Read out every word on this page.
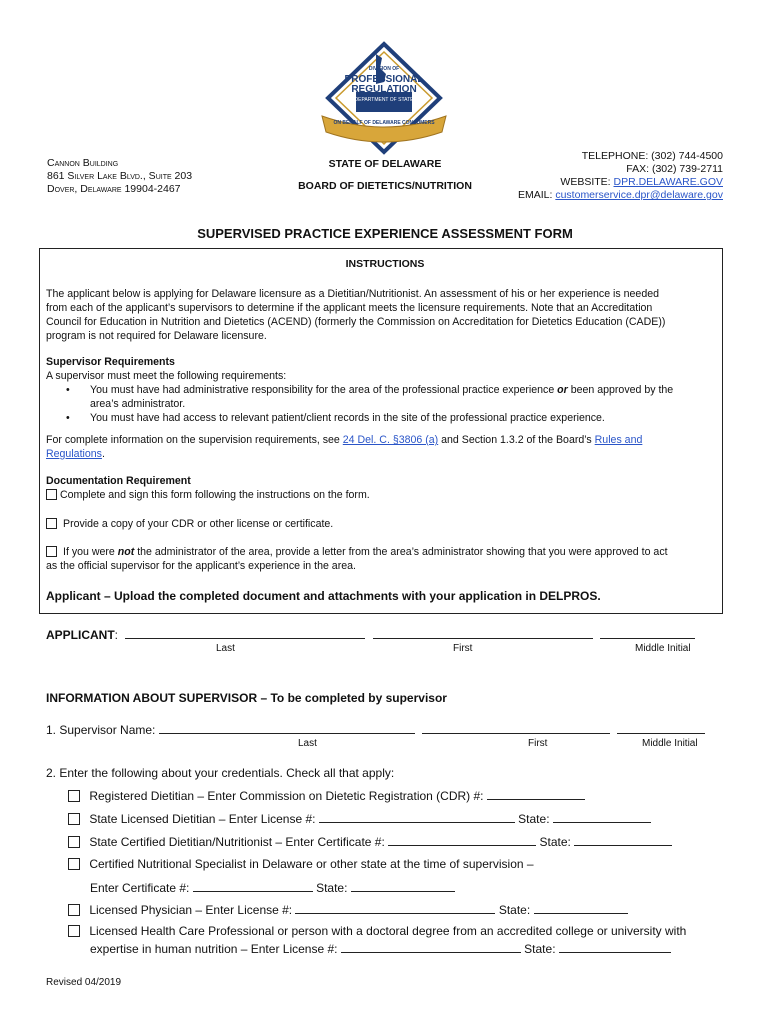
DIVISION OF
PROFESSIONAL
REGULATION
DEPARTMENT OF STATE
ON BEHALF OF DELAWARE CONSUMERS
Cannon Building
861 Silver Lake Blvd., Suite 203
Dover, Delaware 19904-2467
STATE OF DELAWARE
BOARD OF DIETETICS/NUTRITION
TELEPHONE: (302) 744-4500
FAX: (302) 739-2711
WEBSITE: DPR.DELAWARE.GOV
EMAIL: customerservice.dpr@delaware.gov
SUPERVISED PRACTICE EXPERIENCE ASSESSMENT FORM
INSTRUCTIONS
The applicant below is applying for Delaware licensure as a Dietitian/Nutritionist. An assessment of his or her experience is needed
from each of the applicant’s supervisors to determine if the applicant meets the licensure requirements. Note that an Accreditation
Council for Education in Nutrition and Dietetics (ACEND) (formerly the Commission on Accreditation for Dietetics Education (CADE))
program is not required for Delaware licensure.
Supervisor Requirements
A supervisor must meet the following requirements:
• You must have had administrative responsibility for the area of the professional practice experience or been approved by the
area’s administrator.
• You must have had access to relevant patient/client records in the site of the professional practice experience.
For complete information on the supervision requirements, see 24 Del. C. §3806 (a) and Section 1.3.2 of the Board’s Rules and
Regulations.
Documentation Requirement
Complete and sign this form following the instructions on the form.
Provide a copy of your CDR or other license or certificate.
If you were not the administrator of the area, provide a letter from the area’s administrator showing that you were approved to act
as the official supervisor for the applicant’s experience in the area.
Applicant – Upload the completed document and attachments with your application in DELPROS.
APPLICANT:
Last	First	Middle Initial
INFORMATION ABOUT SUPERVISOR – To be completed by supervisor
1. Supervisor Name:
Last	First	Middle Initial
2. Enter the following about your credentials. Check all that apply:
Registered Dietitian – Enter Commission on Dietetic Registration (CDR) #:
State Licensed Dietitian – Enter License #:	State:
State Certified Dietitian/Nutritionist – Enter Certificate #:	State:
Certified Nutritional Specialist in Delaware or other state at the time of supervision –
Enter Certificate #:	State:
Licensed Physician – Enter License #:	State:
Licensed Health Care Professional or person with a doctoral degree from an accredited college or university with
expertise in human nutrition – Enter License #:	State:
Revised 04/2019
